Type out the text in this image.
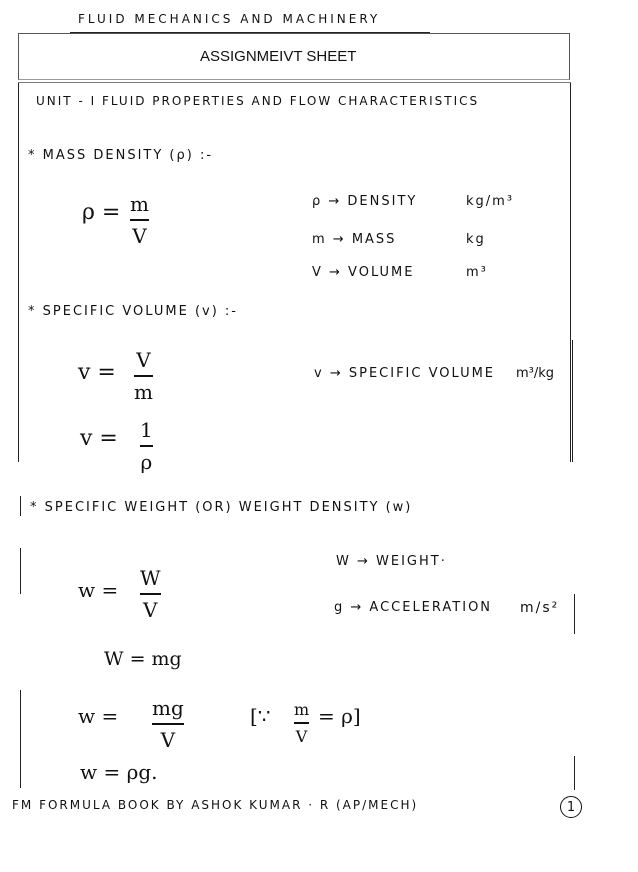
FLUID MECHANICS AND MACHINERY
ASSIGNMEIVT SHEET
UNIT - I FLUID PROPERTIES AND FLOW CHARACTERISTICS
* MASS DENSITY (ρ) :-
ρ = m
V
ρ → DENSITY	kg/m³
m → MASS	kg
V → VOLUME	m³
* SPECIFIC VOLUME (v) :-
v = V
m
v → SPECIFIC VOLUME m³/kg
v = 1
ρ
* SPECIFIC WEIGHT (OR) WEIGHT DENSITY (w)
w = W
V
W → WEIGHT·
g → ACCELERATION m/s²
W = mg
w = mg
V
[∵ m
V
= ρ]
w = ρg.
FM FORMULA BOOK BY ASHOK KUMAR · R (AP/MECH)	1
